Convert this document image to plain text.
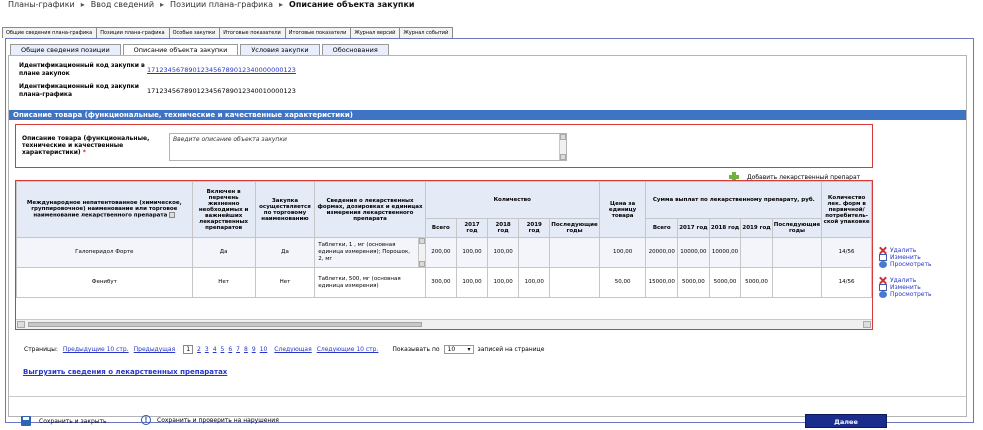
Планы-графики ▸ Ввод сведений ▸ Позиции плана-графика ▸ Описание объекта закупки
Общие сведения плана-графика	Позиции плана-графика	Особые закупки	Итоговые показатели	Итоговые показатели	Журнал версий	Журнал событий
Общие сведения позиции	Описание объекта закупки	Условия закупки	Обоснования
Идентификационный код закупки в плане закупок	171234567890123456789012340000000123
Идентификационный код закупки плана-графика	171234567890123456789012340010000123
Описание товара (функциональные, технические и качественные характеристики)
Описание товара (функциональные, технические и качественные характеристики) *
Введите описание объекта закупки
Добавить лекарственный препарат
Международное непатентованное (химическое, группировочное) наименование или торговое наименование лекарственного препарата	Включен в перечень жизненно необходимых и важнейших лекарственных препаратов	Закупка осуществляется по торговому наименованию	Сведения о лекарственных формах, дозировках и единицах измерения лекарственного препарата	Количество					Цена за единицу товара	Сумма выплат по лекарственному препарату, руб.					Количество лек. форм в первичной/ потребитель-ской упаковке
				Всего	2017 год	2018 год	2019 год	Последующие годы		Всего	2017 год	2018 год	2019 год	Последующие годы	
Галоперидол Форте	Да	Да	Таблетки, 1 , мг (основная единица измерения); Порошок, 2, мг	200,00	100,00	100,00			100,00	20000,00	10000,00	10000,00			14/56
Фенибут	Нет	Нет	Таблетки, 500, мг (основная единица измерения)	300,00	100,00	100,00	100,00		50,00	15000,00	5000,00	5000,00	5000,00		14/56
Удалить
Изменить
Просмотреть
Удалить
Изменить
Просмотреть
Страницы: Предыдущие 10 стр. Предыдущая	1	2 3 4 5 6 7 8 9 10 Следующая Следующие 10 стр. Показывать по	10 ▾	записей на странице
Выгрузить сведения о лекарственных препаратах
Сохранить и закрыть	!	Сохранить и проверить на нарушения	Далее
